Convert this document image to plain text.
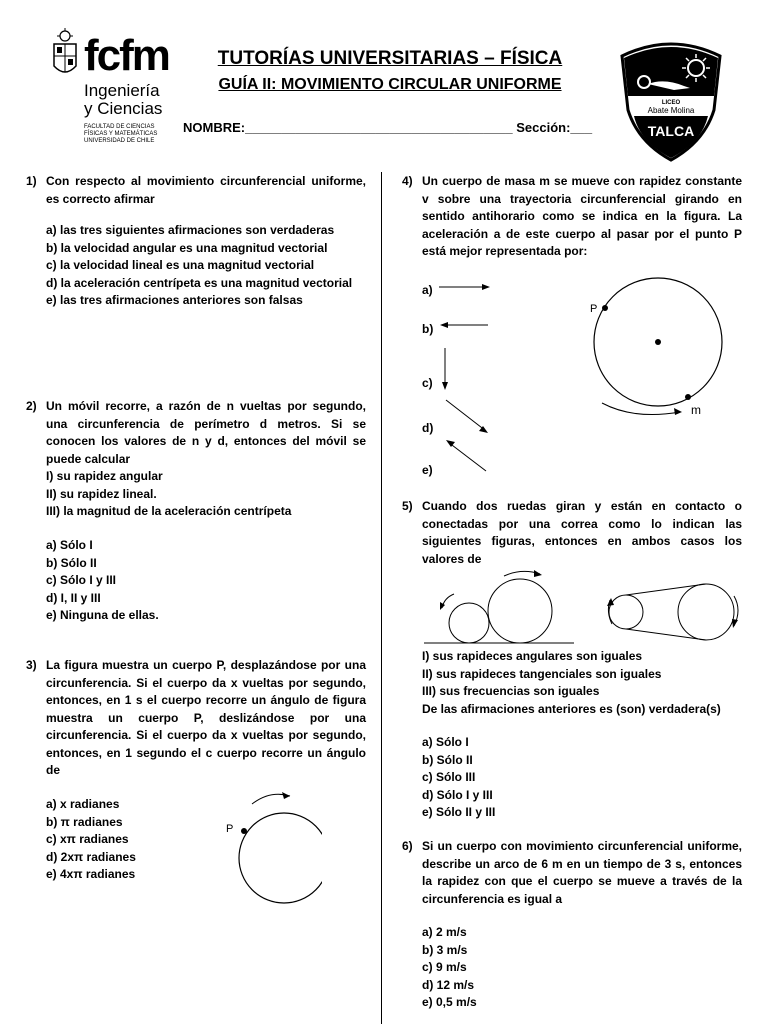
fcfm
Ingeniería
y Ciencias
FACULTAD DE CIENCIAS
FÍSICAS Y MATEMÁTICAS
UNIVERSIDAD DE CHILE
TUTORÍAS UNIVERSITARIAS – FÍSICA
GUÍA II: MOVIMIENTO CIRCULAR UNIFORME
NOMBRE:_____________________________________ Sección:___
LICEO
Abate Molina
TALCA
1) Con respecto al movimiento circunferencial uniforme, es correcto afirmar
a) las tres siguientes afirmaciones son verdaderas
b) la velocidad angular es una magnitud vectorial
c) la velocidad lineal es una magnitud vectorial
d) la aceleración centrípeta es una magnitud vectorial
e) las tres afirmaciones anteriores son falsas
2) Un móvil recorre, a razón de n vueltas por segundo, una circunferencia de perímetro d metros. Si se conocen los valores de n y d, entonces del móvil se puede calcular
I) su rapidez angular
II) su rapidez lineal.
III) la magnitud de la aceleración centrípeta
a) Sólo I
b) Sólo II
c) Sólo I y III
d) I, II y III
e) Ninguna de ellas.
3) La figura muestra un cuerpo P, desplazándose por una circunferencia. Si el cuerpo da x vueltas por segundo, entonces, en 1 s el cuerpo recorre un ángulo de figura muestra un cuerpo P, deslizándose por una circunferencia. Si el cuerpo da x vueltas por segundo, entonces, en 1 segundo el c cuerpo recorre un ángulo de
a) x radianes
b) π radianes
c) xπ radianes
d) 2xπ radianes
e) 4xπ radianes
P
4) Un cuerpo de masa m se mueve con rapidez constante v sobre una trayectoria circunferencial girando en sentido antihorario como se indica en la figura. La aceleración a de este cuerpo al pasar por el punto P está mejor representada por:
a)
b)
c)
d)
e)
P
m
5) Cuando dos ruedas giran y están en contacto o conectadas por una correa como lo indican las siguientes figuras, entonces en ambos casos los valores de
I) sus rapideces angulares son iguales
II) sus rapideces tangenciales son iguales
III) sus frecuencias son iguales
De las afirmaciones anteriores es (son) verdadera(s)
a) Sólo I
b) Sólo II
c) Sólo III
d) Sólo I y III
e) Sólo II y III
6) Si un cuerpo con movimiento circunferencial uniforme, describe un arco de 6 m en un tiempo de 3 s, entonces la rapidez con que el cuerpo se mueve a través de la circunferencia es igual a
a) 2 m/s
b) 3 m/s
c) 9 m/s
d) 12 m/s
e) 0,5 m/s
